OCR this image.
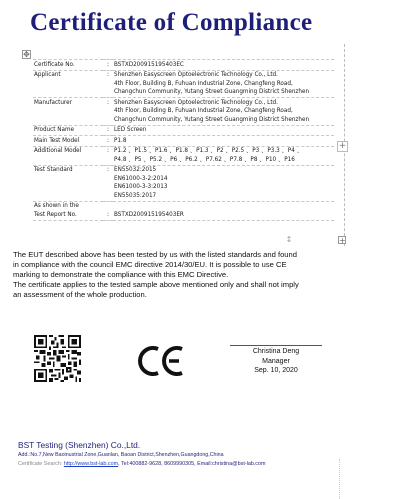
Certificate of Compliance
✥
+
+
↕
Certificate No.	:	BSTXD200915195403EC
Applicant	:	Shenzhen Easyscreen Optoelectronic Technology Co., Ltd.
4th Floor, Building B, Fuhuan Industrial Zone, Changfeng Road,
Changchun Community, Yutang Street Guangming District Shenzhen

Manufacturer	:	Shenzhen Easyscreen Optoelectronic Technology Co., Ltd.
4th Floor, Building B, Fuhuan Industrial Zone, Changfeng Road,
Changchun Community, Yutang Street Guangming District Shenzhen

Product Name	:	LED Screen
Main Test Model	:	P1.8
Additional Model	:	P1.2 、P1.5 、P1.6 、P1.8 、P1.3 、P2 、P2.5 、P3 、P3.3 、P4 、
P4.8 、P5 、P5.2 、P6 、P6.2 、P7.62 、P7.8 、P8 、P10 、P16

Test Standard	:	EN55032:2015
EN61000-3-2:2014
EN61000-3-3:2013
EN55035:2017

As shown in the
Test Report No.	:	BSTXD200915195403ER

The EUT described above has been tested by us with the listed standards and found

in compliance with the council EMC directive 2014/30/EU. It is possible to use CE

marking to demonstrate the compliance with this EMC Directive.

The certificate applies to the tested sample above mentioned only and shall not imply

an assessment of the whole production.

Christina Deng
Manager
Sep. 10, 2020
BST Testing (Shenzhen) Co.,Ltd.
Add.:No.7,New Baoinustrial Zone,Guanlan, Baoan District,Shenzhen,Guangdong,China
Certificate Search: http://www.bst-lab.com, Tel:400882-9628, 8609990305, Email:christina@bst-lab.com
